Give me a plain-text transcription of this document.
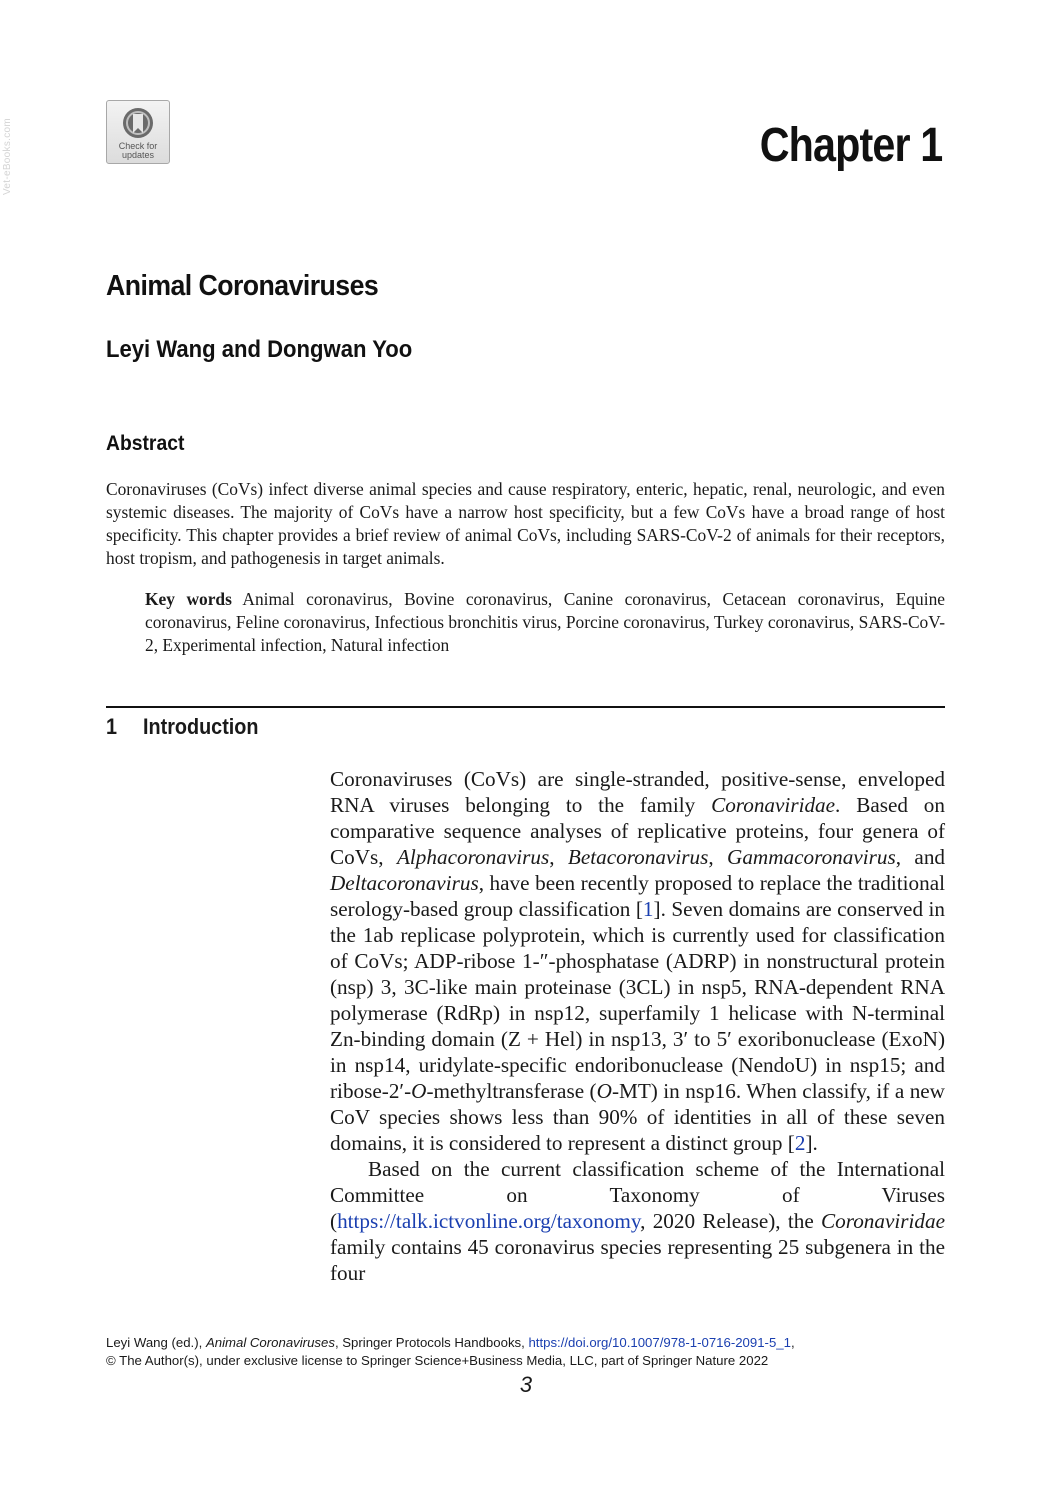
Vet-eBooks.com	Check for
updates	Chapter 1
Animal Coronaviruses
Leyi Wang and Dongwan Yoo
Abstract

Coronaviruses (CoVs) infect diverse animal species and cause respiratory, enteric, hepatic, renal, neurologic, and even systemic diseases. The majority of CoVs have a narrow host specificity, but a few CoVs have a broad range of host specificity. This chapter provides a brief review of animal CoVs, including SARS-CoV-2 of animals for their receptors, host tropism, and pathogenesis in target animals.

Key words Animal coronavirus, Bovine coronavirus, Canine coronavirus, Cetacean coronavirus, Equine coronavirus, Feline coronavirus, Infectious bronchitis virus, Porcine coronavirus, Turkey coronavirus, SARS-CoV-2, Experimental infection, Natural infection

1 Introduction

Coronaviruses (CoVs) are single-stranded, positive-sense, enveloped RNA viruses belonging to the family Coronaviridae. Based on comparative sequence analyses of replicative proteins, four genera of CoVs, Alphacoronavirus, Betacoronavirus, Gammacoronavirus, and Deltacoronavirus, have been recently proposed to replace the traditional serology-based group classification [1]. Seven domains are conserved in the 1ab replicase polyprotein, which is currently used for classification of CoVs; ADP-ribose 1-″-phosphatase (ADRP) in nonstructural protein (nsp) 3, 3C-like main proteinase (3CL) in nsp5, RNA-dependent RNA polymerase (RdRp) in nsp12, superfamily 1 helicase with N-terminal Zn-binding domain (Z + Hel) in nsp13, 3′ to 5′ exoribonuclease (ExoN) in nsp14, uridylate-specific endoribonuclease (NendoU) in nsp15; and ribose-2′-O-methyltransferase (O-MT) in nsp16. When classify, if a new CoV species shows less than 90% of identities in all of these seven domains, it is considered to represent a distinct group [2].

Based on the current classification scheme of the International Committee on Taxonomy of Viruses (https://talk.ictvonline.org/taxonomy, 2020 Release), the Coronaviridae family contains 45 coronavirus species representing 25 subgenera in the four

Leyi Wang (ed.), Animal Coronaviruses, Springer Protocols Handbooks, https://doi.org/10.1007/978-1-0716-2091-5_1,
© The Author(s), under exclusive license to Springer Science+Business Media, LLC, part of Springer Nature 2022
3
